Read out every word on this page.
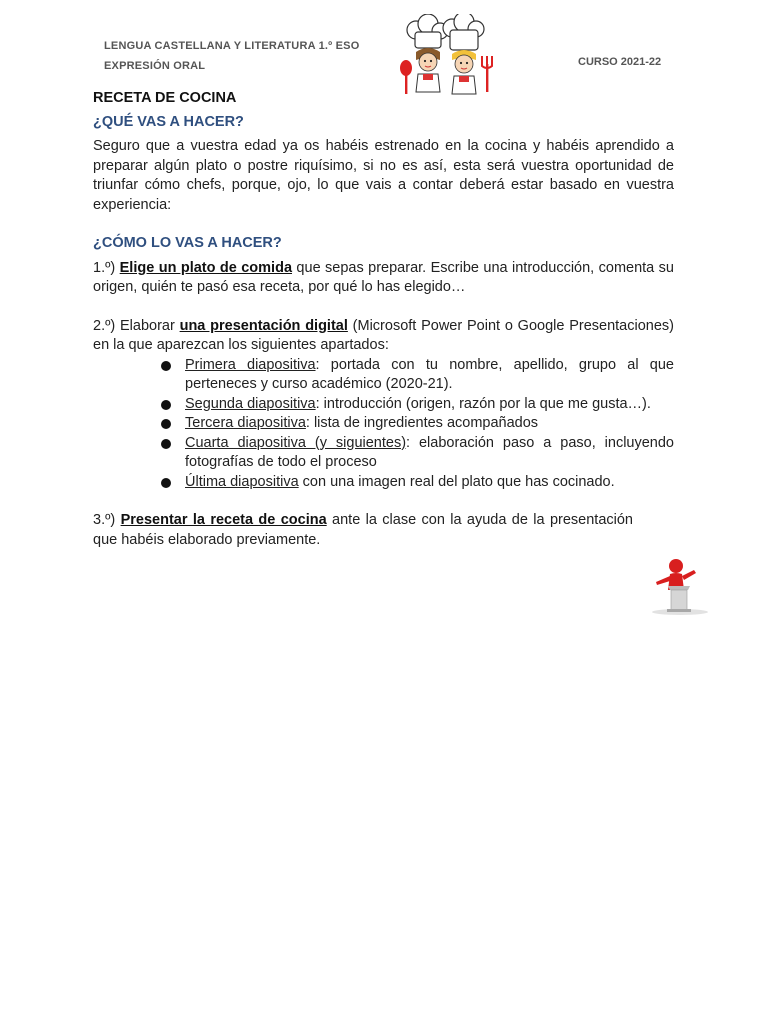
LENGUA CASTELLANA Y LITERATURA 1.º ESO
EXPRESIÓN ORAL	CURSO 2021-22
RECETA DE COCINA
¿QUÉ VAS A HACER?

Seguro que a vuestra edad ya os habéis estrenado en la cocina y habéis aprendido a preparar algún plato o postre riquísimo, si no es así, esta será vuestra oportunidad de triunfar cómo chefs, porque, ojo, lo que vais a contar deberá estar basado en vuestra experiencia:

¿CÓMO LO VAS A HACER?

1.º) Elige un plato de comida que sepas preparar. Escribe una introducción, comenta su origen, quién te pasó esa receta, por qué lo has elegido…

2.º) Elaborar una presentación digital (Microsoft Power Point o Google Presentaciones) en la que aparezcan los siguientes apartados:

Primera diapositiva: portada con tu nombre, apellido, grupo al que perteneces y curso académico (2020-21).
Segunda diapositiva: introducción (origen, razón por la que me gusta…).
Tercera diapositiva: lista de ingredientes acompañados
Cuarta diapositiva (y siguientes): elaboración paso a paso, incluyendo fotografías de todo el proceso
Última diapositiva con una imagen real del plato que has cocinado.

3.º) Presentar la receta de cocina ante la clase con la ayuda de la presentación que habéis elaborado previamente.
